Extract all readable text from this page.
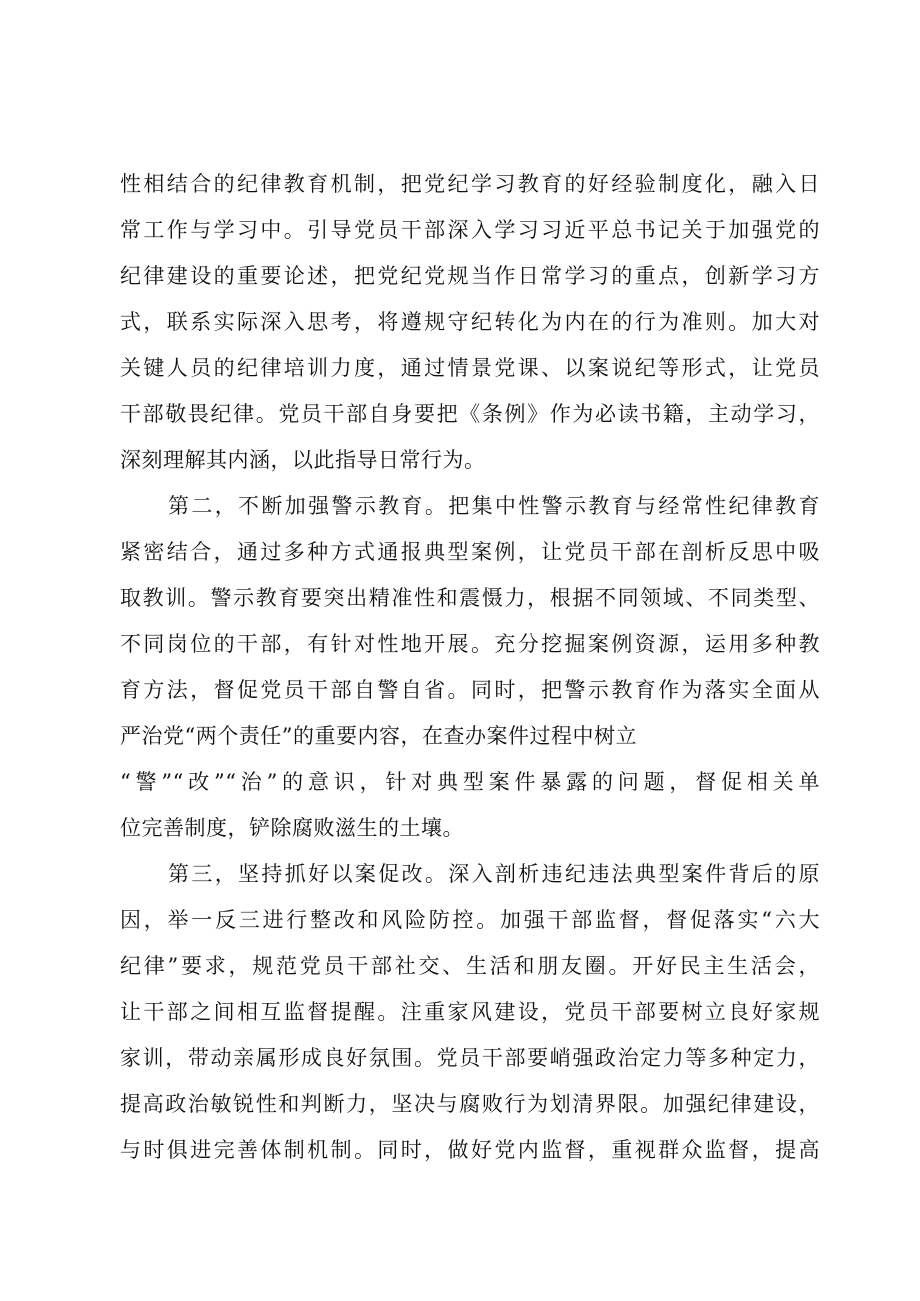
性相结合的纪律教育机制，把党纪学习教育的好经验制度化，融入日
常工作与学习中。引导党员干部深入学习习近平总书记关于加强党的
纪律建设的重要论述，把党纪党规当作日常学习的重点，创新学习方
式，联系实际深入思考，将遵规守纪转化为内在的行为准则。加大对
关键人员的纪律培训力度，通过情景党课、以案说纪等形式，让党员
干部敬畏纪律。党员干部自身要把《条例》作为必读书籍，主动学习，
深刻理解其内涵，以此指导日常行为。
第二，不断加强警示教育。把集中性警示教育与经常性纪律教育
紧密结合，通过多种方式通报典型案例，让党员干部在剖析反思中吸
取教训。警示教育要突出精准性和震慑力，根据不同领域、不同类型、
不同岗位的干部，有针对性地开展。充分挖掘案例资源，运用多种教
育方法，督促党员干部自警自省。同时，把警示教育作为落实全面从
严治党“两个责任”的重要内容，在查办案件过程中树立
“警”“改”“治”的意识，针对典型案件暴露的问题，督促相关单
位完善制度，铲除腐败滋生的土壤。
第三，坚持抓好以案促改。深入剖析违纪违法典型案件背后的原
因，举一反三进行整改和风险防控。加强干部监督，督促落实“六大
纪律”要求，规范党员干部社交、生活和朋友圈。开好民主生活会，
让干部之间相互监督提醒。注重家风建设，党员干部要树立良好家规
家训，带动亲属形成良好氛围。党员干部要峭强政治定力等多种定力，
提高政治敏锐性和判断力，坚决与腐败行为划清界限。加强纪律建设，
与时俱进完善体制机制。同时，做好党内监督，重视群众监督，提高
